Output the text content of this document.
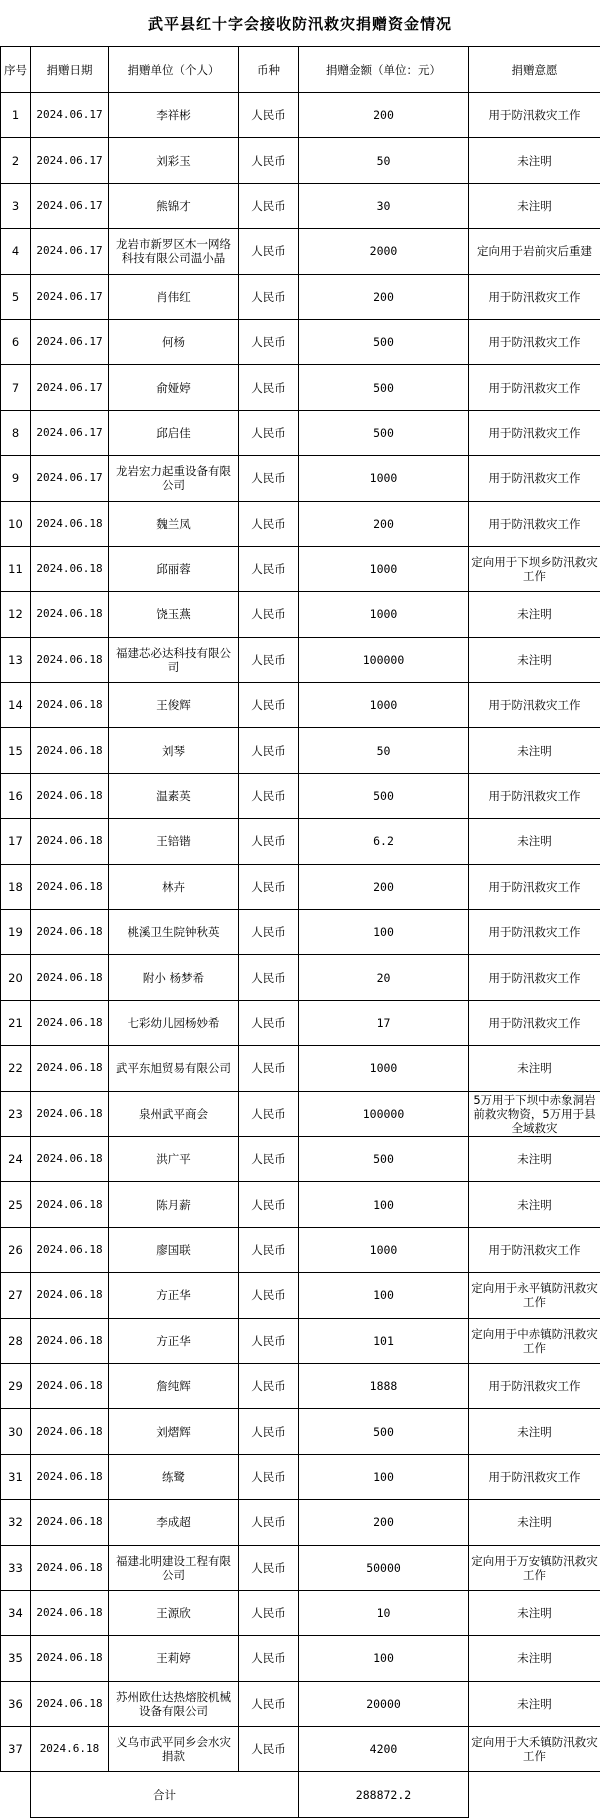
武平县红十字会接收防汛救灾捐赠资金情况
序号	捐赠日期	捐赠单位（个人）	币种	捐赠金额（单位：元）	捐赠意愿
1	2024.06.17	李祥彬	人民币	200	用于防汛救灾工作
2	2024.06.17	刘彩玉	人民币	50	未注明
3	2024.06.17	熊锦才	人民币	30	未注明
4	2024.06.17	龙岩市新罗区木一网络科技有限公司温小晶	人民币	2000	定向用于岩前灾后重建
5	2024.06.17	肖伟红	人民币	200	用于防汛救灾工作
6	2024.06.17	何杨	人民币	500	用于防汛救灾工作
7	2024.06.17	俞娅婷	人民币	500	用于防汛救灾工作
8	2024.06.17	邱启佳	人民币	500	用于防汛救灾工作
9	2024.06.17	龙岩宏力起重设备有限公司	人民币	1000	用于防汛救灾工作
10	2024.06.18	魏兰凤	人民币	200	用于防汛救灾工作
11	2024.06.18	邱丽蓉	人民币	1000	定向用于下坝乡防汛救灾工作
12	2024.06.18	饶玉燕	人民币	1000	未注明
13	2024.06.18	福建芯必达科技有限公司	人民币	100000	未注明
14	2024.06.18	王俊辉	人民币	1000	用于防汛救灾工作
15	2024.06.18	刘琴	人民币	50	未注明
16	2024.06.18	温素英	人民币	500	用于防汛救灾工作
17	2024.06.18	王锫锴	人民币	6.2	未注明
18	2024.06.18	林卉	人民币	200	用于防汛救灾工作
19	2024.06.18	桃溪卫生院钟秋英	人民币	100	用于防汛救灾工作
20	2024.06.18	附小 杨梦希	人民币	20	用于防汛救灾工作
21	2024.06.18	七彩幼儿园杨妙希	人民币	17	用于防汛救灾工作
22	2024.06.18	武平东旭贸易有限公司	人民币	1000	未注明
23	2024.06.18	泉州武平商会	人民币	100000	5万用于下坝中赤象洞岩前救灾物资，5万用于县全域救灾
24	2024.06.18	洪广平	人民币	500	未注明
25	2024.06.18	陈月薪	人民币	100	未注明
26	2024.06.18	廖国联	人民币	1000	用于防汛救灾工作
27	2024.06.18	方正华	人民币	100	定向用于永平镇防汛救灾工作
28	2024.06.18	方正华	人民币	101	定向用于中赤镇防汛救灾工作
29	2024.06.18	詹纯辉	人民币	1888	用于防汛救灾工作
30	2024.06.18	刘熠辉	人民币	500	未注明
31	2024.06.18	练鹭	人民币	100	用于防汛救灾工作
32	2024.06.18	李成超	人民币	200	未注明
33	2024.06.18	福建北明建设工程有限公司	人民币	50000	定向用于万安镇防汛救灾工作
34	2024.06.18	王源欣	人民币	10	未注明
35	2024.06.18	王莉婷	人民币	100	未注明
36	2024.06.18	苏州欧仕达热熔胶机械设备有限公司	人民币	20000	未注明
37	2024.6.18	义乌市武平同乡会水灾捐款	人民币	4200	定向用于大禾镇防汛救灾工作
	合计			288872.2	
